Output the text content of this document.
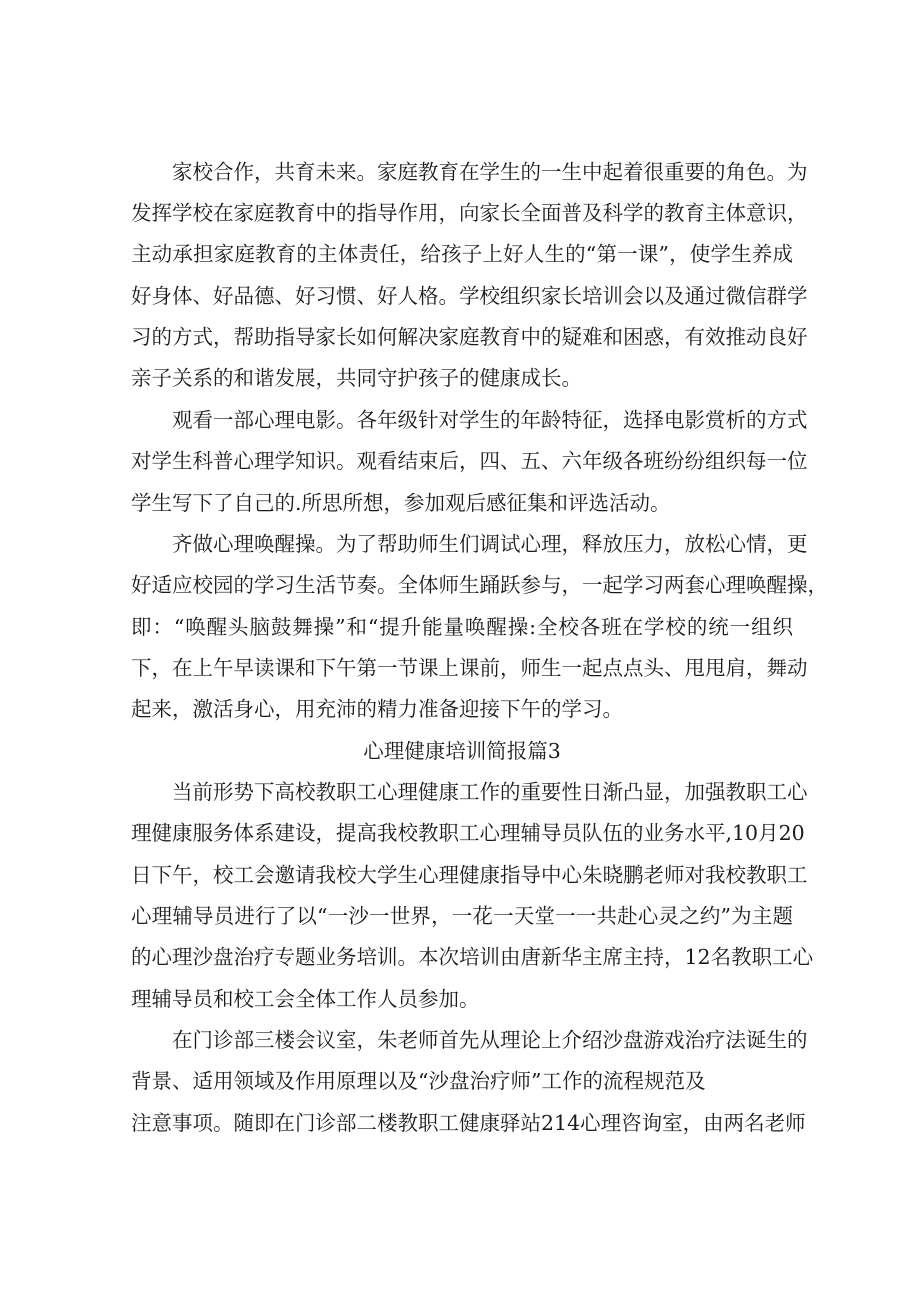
家校合作，共育未来。家庭教育在学生的一生中起着很重要的角色。为
发挥学校在家庭教育中的指导作用，向家长全面普及科学的教育主体意识，
主动承担家庭教育的主体责任，给孩子上好人生的“第一课”，使学生养成
好身体、好品德、好习惯、好人格。学校组织家长培训会以及通过微信群学
习的方式，帮助指导家长如何解决家庭教育中的疑难和困惑，有效推动良好
亲子关系的和谐发展，共同守护孩子的健康成长。
观看一部心理电影。各年级针对学生的年龄特征，选择电影赏析的方式
对学生科普心理学知识。观看结束后，四、五、六年级各班纷纷组织每一位
学生写下了自己的.所思所想，参加观后感征集和评选活动。
齐做心理唤醒操。为了帮助师生们调试心理，释放压力，放松心情，更
好适应校园的学习生活节奏。全体师生踊跃参与，一起学习两套心理唤醒操，
即：“唤醒头脑鼓舞操”和“提升能量唤醒操:全校各班在学校的统一组织
下，在上午早读课和下午第一节课上课前，师生一起点点头、甩甩肩，舞动
起来，激活身心，用充沛的精力准备迎接下午的学习。
心理健康培训简报篇3
当前形势下高校教职工心理健康工作的重要性日渐凸显，加强教职工心
理健康服务体系建设，提高我校教职工心理辅导员队伍的业务水平,10月20
日下午，校工会邀请我校大学生心理健康指导中心朱晓鹏老师对我校教职工
心理辅导员进行了以“一沙一世界，一花一天堂一一共赴心灵之约”为主题
的心理沙盘治疗专题业务培训。本次培训由唐新华主席主持，12名教职工心
理辅导员和校工会全体工作人员参加。
在门诊部三楼会议室，朱老师首先从理论上介绍沙盘游戏治疗法诞生的
背景、适用领域及作用原理以及“沙盘治疗师”工作的流程规范及
注意事项。随即在门诊部二楼教职工健康驿站214心理咨询室，由两名老师
